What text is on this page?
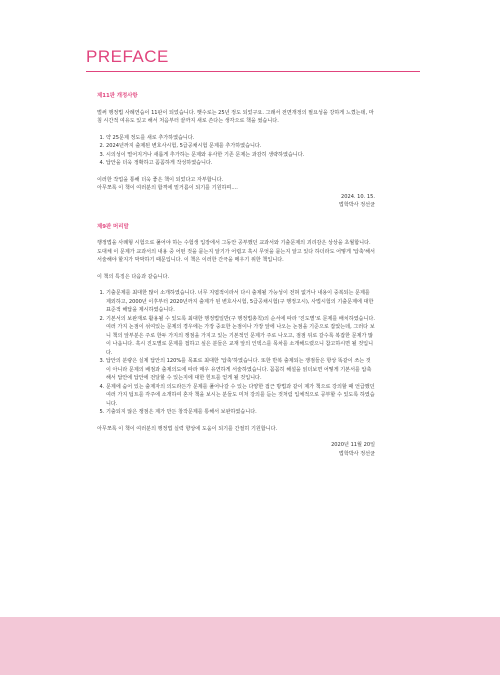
PREFACE
제11판 개정사항

벌써 행정법 사례연습이 11판이 되었습니다. 햇수로는 25년 정도 되었구요. 그래서 전면개정의 필요성을 강하게 느꼈는데, 마침 시간적 여유도 있고 해서 처음부터 끝까지 새로 쓴다는 생각으로 책을 썼습니다.

1. 약 25문제 정도를 새로 추가하였습니다.
2. 2024년까지 출제된 변호사시험, 5급공채시험 문제를 추가하였습니다.
3. 시의성이 떨어지거나 새롭게 추가하는 문제와 유사한 기존 문제는 과감히 생략하였습니다.
4. 답안을 더욱 정확하고 꼼꼼하게 작성하였습니다.

이러한 작업을 통해 더욱 좋은 책이 되었다고 자부합니다.

아무쪼록 이 책이 여러분의 합격에 밑거름이 되기를 기원하며....

2024. 10. 15.

법학박사 정선균

제9판 머리말

행정법을 사례형 시험으로 풀어야 하는 수험생 입장에서 그동안 공부했던 교과서와 기출문제의 괴리감은 상상을 초월합니다. 도대체 이 문제가 교과서의 내용 중 어떤 것을 묻는지 알기가 어렵고 혹시 무엇을 묻는지 알고 있다 하더라도 어떻게 '압축'해서 서술해야 할지가 막막하기 때문입니다. 이 책은 이러한 간극을 메우기 위한 책입니다.

이 책의 특징은 다음과 같습니다.

1. 기출문제를 최대한 많이 소개하였습니다. 너무 지엽적이라서 다시 출제될 가능성이 전혀 없거나 내용이 중복되는 문제를 제외하고, 2000년 이후부터 2020년까지 출제가 된 변호사시험, 5급공채시험(구 행정고시), 사법시험의 기출문제에 대한 표준적 해답을 제시하였습니다.
2. 기본서의 보완재로 활용될 수 있도록 최대한 행정법일반(구 행정법총칙)의 순서에 따라 '진도별'로 문제를 배치하였습니다. 여러 가지 논점이 섞여있는 문제의 경우에는 가장 중요한 논점이나 가장 앞에 나오는 논점을 기준으로 잡았는데, 그러다 보니 책의 앞부분은 주로 한두 가지의 쟁점을 가지고 있는 기본적인 문제가 주로 나오고, 점점 뒤로 갈수록 복잡한 문제가 많이 나옵니다. 혹시 진도별로 문제를 접하고 싶은 분들은 교재 앞의 인덱스를 목차를 소개해드렸으니 참고하시면 될 것입니다.
3. 답안의 분량은 실제 답안의 120%를 목표로 최대한 '압축'하였습니다. 또한 반복 출제되는 쟁점들은 항상 똑같이 쓰는 것이 아니라 문제의 배점과 출제의도에 따라 매우 유연하게 서술하였습니다. 꼼꼼히 해설을 읽더보면 어떻게 기본서를 압축해서 답안에 답안에 전달할 수 있는지에 대한 힌트를 얻게 될 것입니다.
4. 문제에 숨어 있는 출제자의 의도라든가 문제를 풀어나갈 수 있는 다양한 접근 방법과 같이 제가 책으로 강의할 때 언급했던 여러 가지 팁트를 각주에 소개하여 혼자 책을 보시는 분들도 미처 강의를 듣는 것처럼 입체적으로 공부할 수 있도록 하였습니다.
5. 기출되지 않은 쟁점은 제가 만든 창작문제를 통해서 보완하였습니다.

아무쪼록 이 책이 여러분의 행정법 실력 향상에 도움이 되기를 간절히 기원합니다.

2020년 11월 20일

법학박사 정선균
